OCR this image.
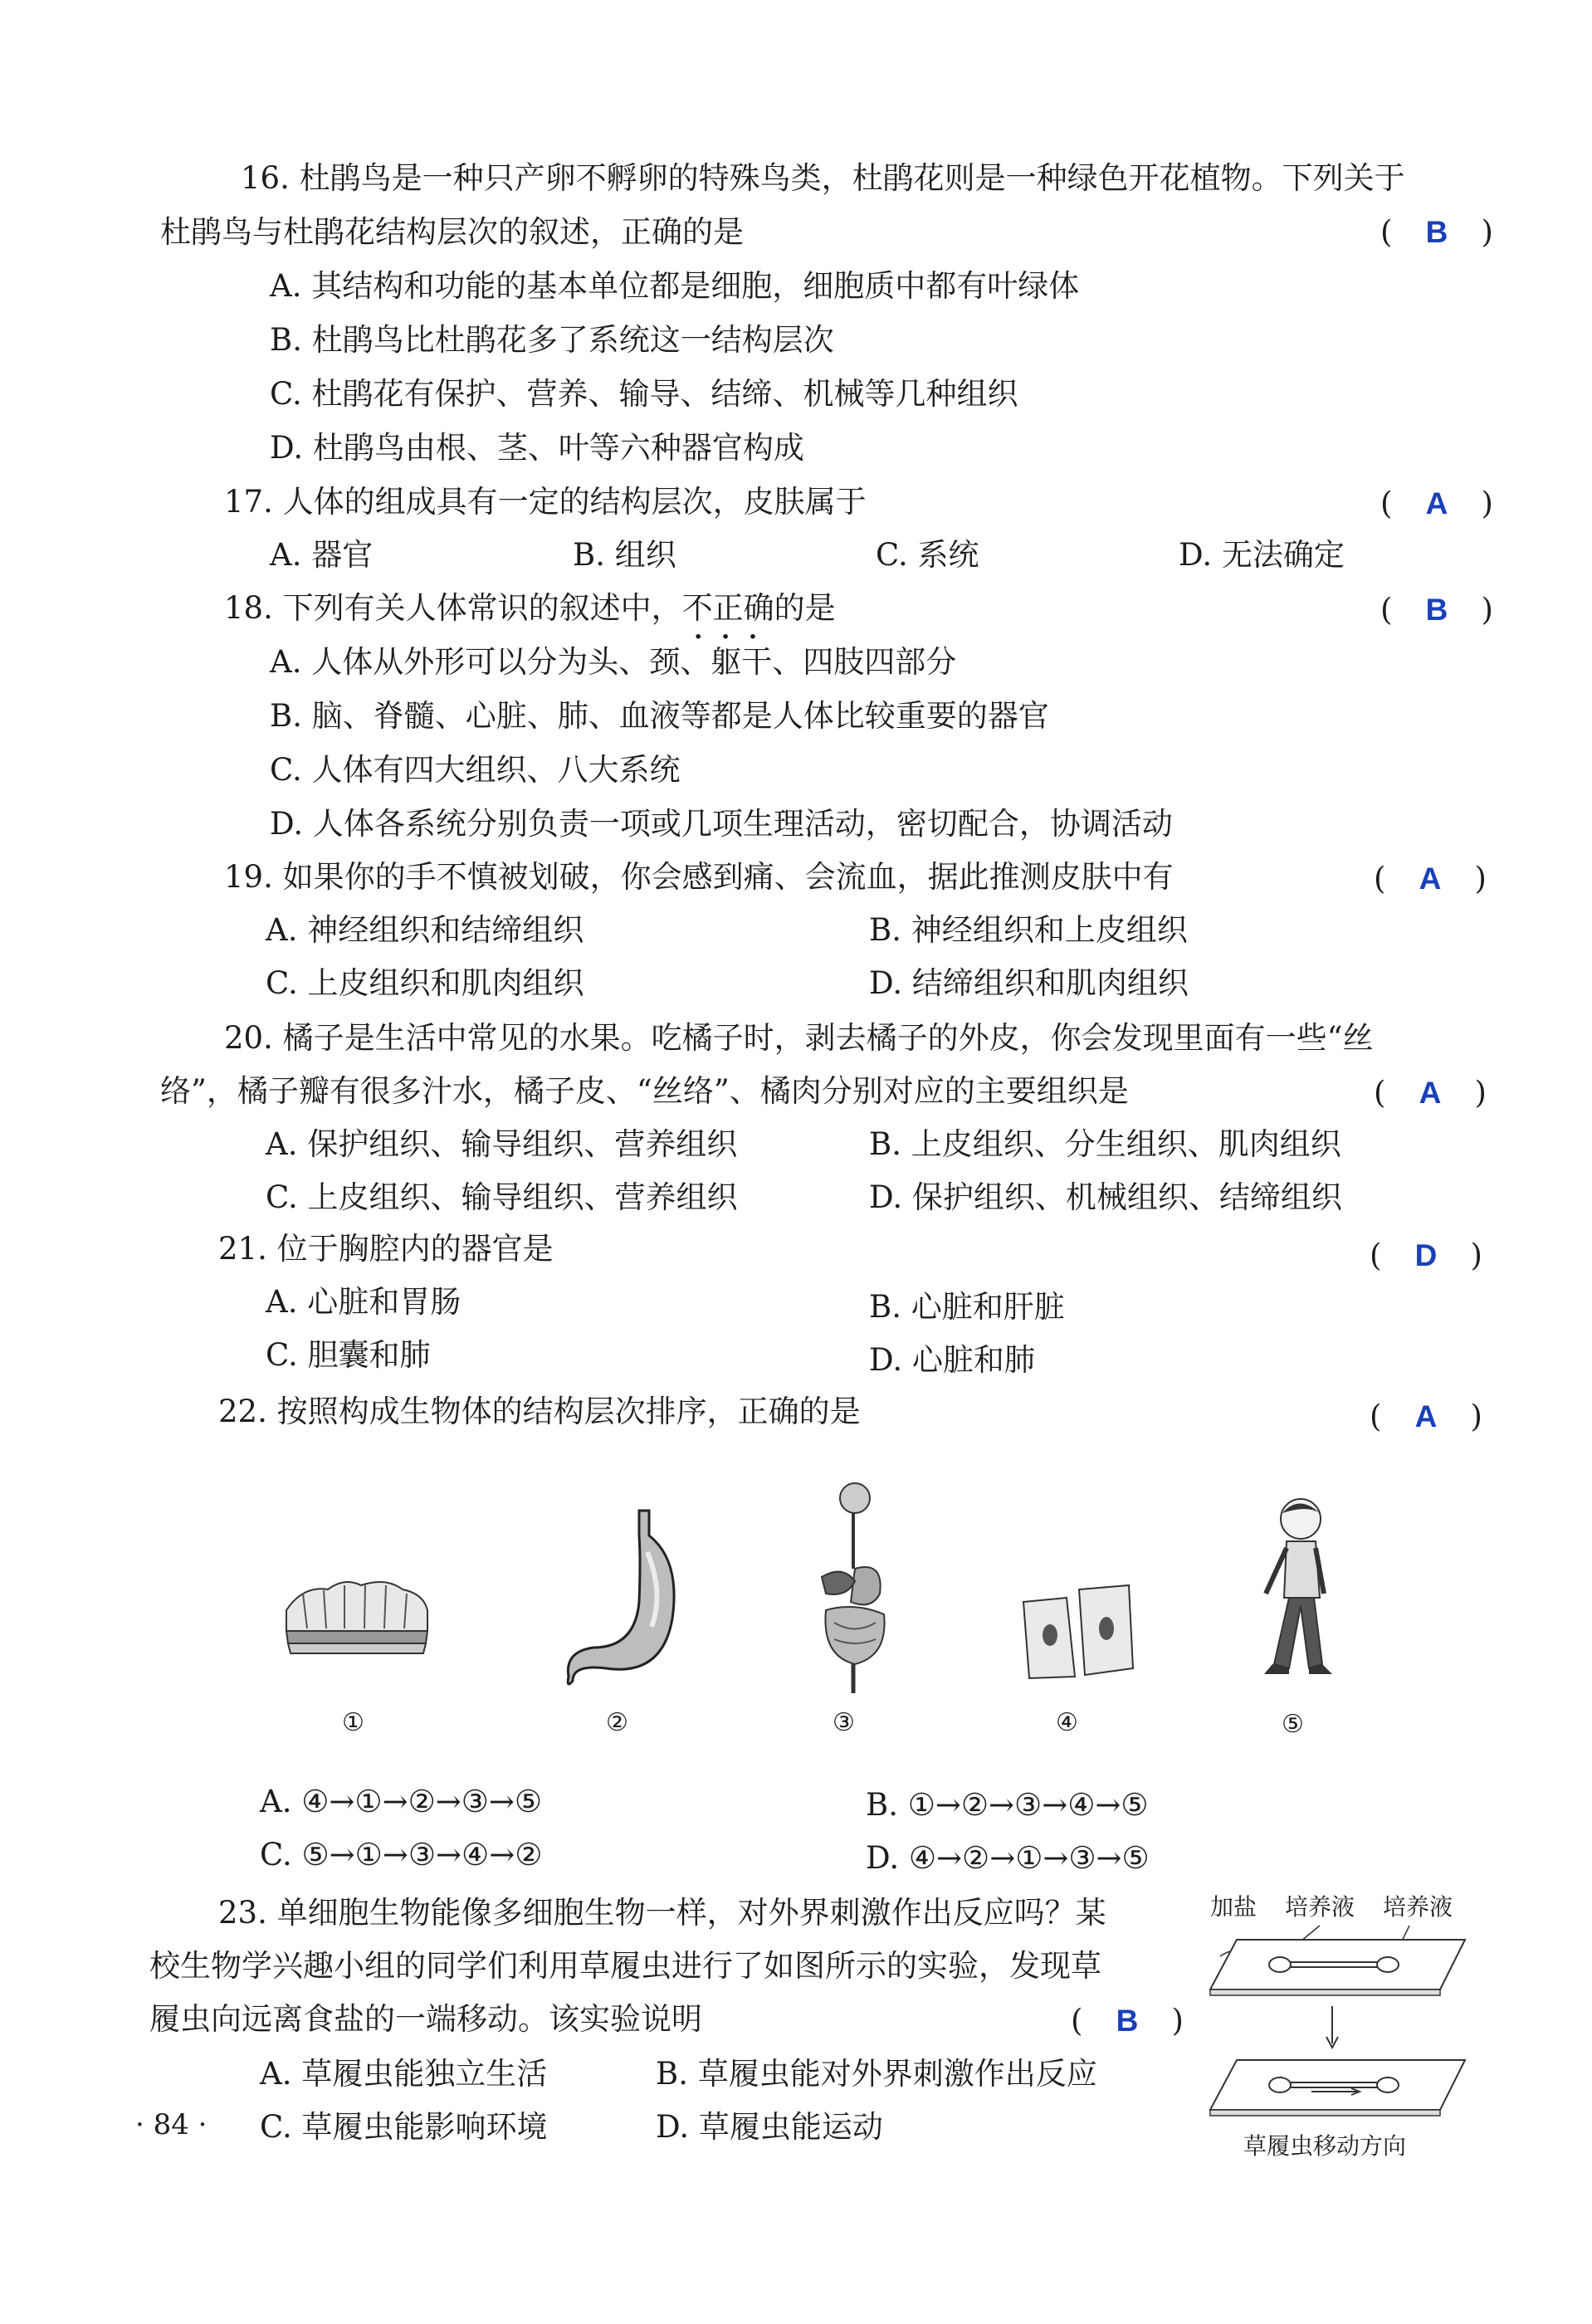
16. 杜鹃鸟是一种只产卵不孵卵的特殊鸟类，杜鹃花则是一种绿色开花植物。下列关于
杜鹃鸟与杜鹃花结构层次的叙述，正确的是	( B )
A. 其结构和功能的基本单位都是细胞，细胞质中都有叶绿体
B. 杜鹃鸟比杜鹃花多了系统这一结构层次
C. 杜鹃花有保护、营养、输导、结缔、机械等几种组织
D. 杜鹃鸟由根、茎、叶等六种器官构成
17. 人体的组成具有一定的结构层次，皮肤属于	( A )
A. 器官	B. 组织	C. 系统	D. 无法确定
18. 下列有关人体常识的叙述中，不正确 · · ·的是	( B )
A. 人体从外形可以分为头、颈、躯干、四肢四部分
B. 脑、脊髓、心脏、肺、血液等都是人体比较重要的器官
C. 人体有四大组织、八大系统
D. 人体各系统分别负责一项或几项生理活动，密切配合，协调活动
19. 如果你的手不慎被划破，你会感到痛、会流血，据此推测皮肤中有	( A )
A. 神经组织和结缔组织	B. 神经组织和上皮组织
C. 上皮组织和肌肉组织	D. 结缔组织和肌肉组织
20. 橘子是生活中常见的水果。吃橘子时，剥去橘子的外皮，你会发现里面有一些“丝
络”，橘子瓣有很多汁水，橘子皮、“丝络”、橘肉分别对应的主要组织是	( A )
A. 保护组织、输导组织、营养组织	B. 上皮组织、分生组织、肌肉组织
C. 上皮组织、输导组织、营养组织	D. 保护组织、机械组织、结缔组织
21. 位于胸腔内的器官是	( D )
A. 心脏和胃肠	B. 心脏和肝脏
C. 胆囊和肺	D. 心脏和肺
22. 按照构成生物体的结构层次排序，正确的是	( A )
①	②	③	④	⑤
A. ④→①→②→③→⑤	B. ①→②→③→④→⑤
C. ⑤→①→③→④→②	D. ④→②→①→③→⑤
23. 单细胞生物能像多细胞生物一样，对外界刺激作出反应吗？某
校生物学兴趣小组的同学们利用草履虫进行了如图所示的实验，发现草
履虫向远离食盐的一端移动。该实验说明	( B )
A. 草履虫能独立生活	B. 草履虫能对外界刺激作出反应
C. 草履虫能影响环境	D. 草履虫能运动
加盐 培养液 培养液
草履虫移动方向
· 84 ·
